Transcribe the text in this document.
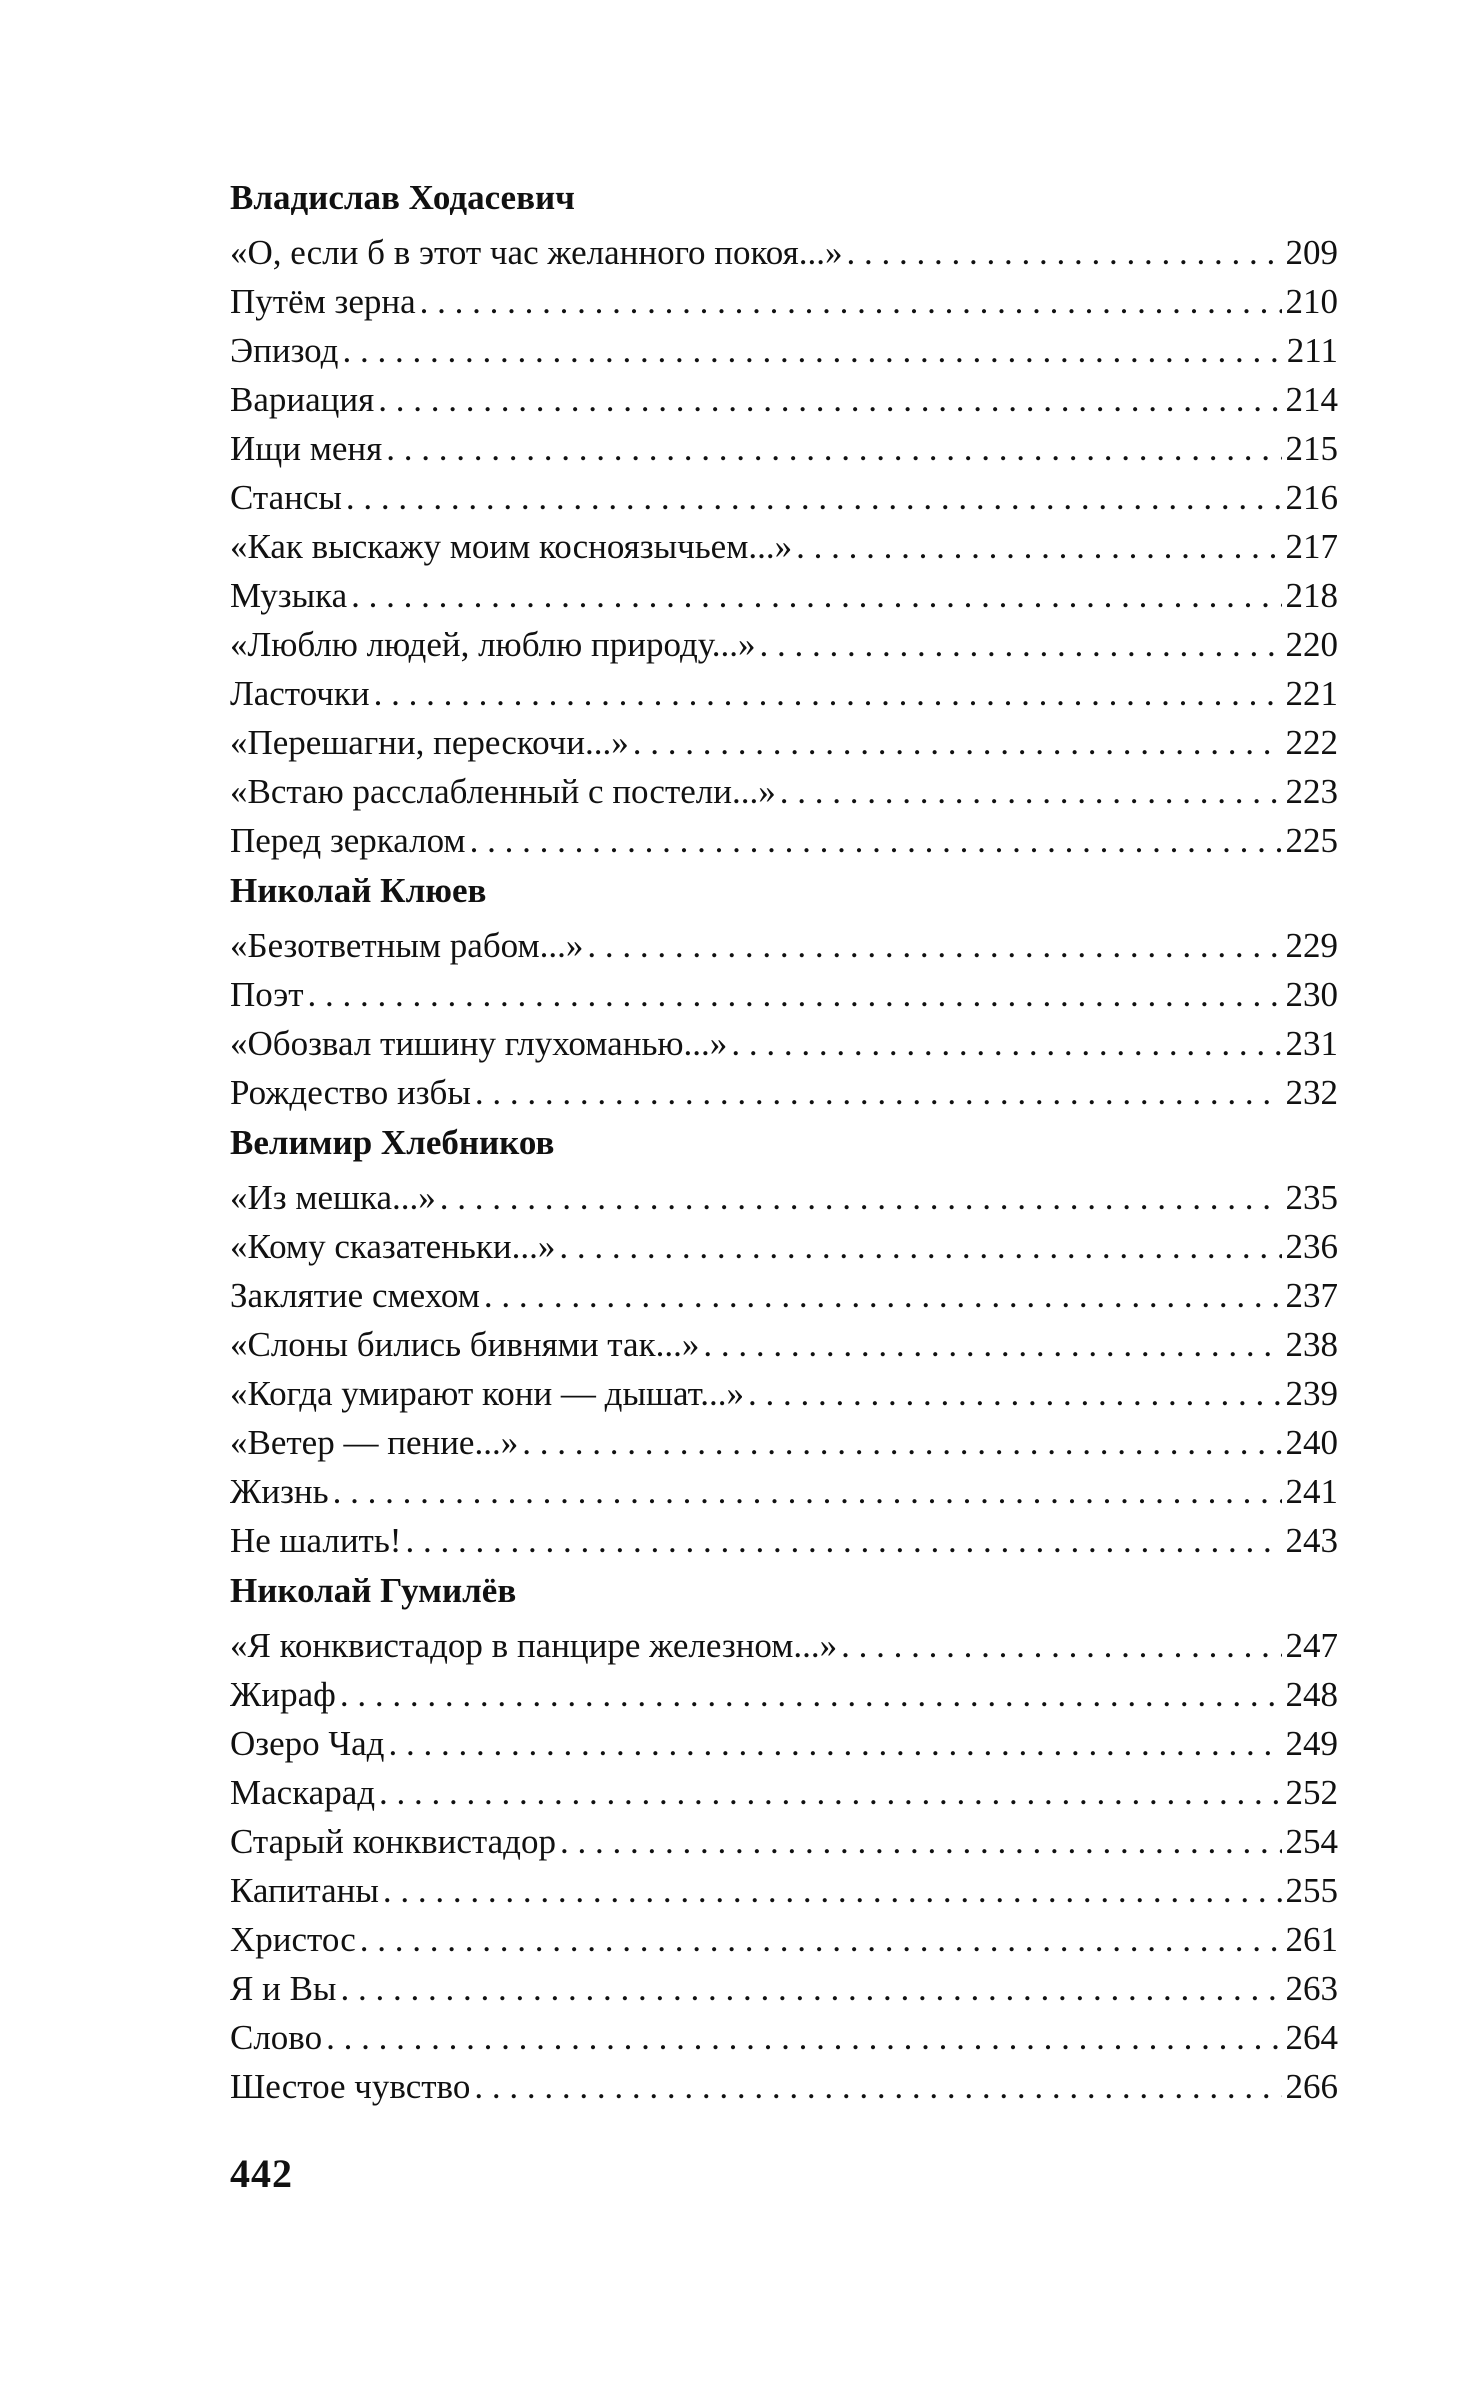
Владислав Ходасевич
«О, если б в этот час желанного покоя...» . . .	209
Путём зерна . . .	210
Эпизод . . .	211
Вариация . . .	214
Ищи меня . . .	215
Стансы . . .	216
«Как выскажу моим косноязычьем...» . . .	217
Музыка . . .	218
«Люблю людей, люблю природу...» . . .	220
Ласточки . . .	221
«Перешагни, перескочи...» . . .	222
«Встаю расслабленный с постели...» . . .	223
Перед зеркалом . . .	225
Николай Клюев
«Безответным рабом...» . . .	229
Поэт . . .	230
«Обозвал тишину глухоманью...» . . .	231
Рождество избы . . .	232
Велимир Хлебников
«Из мешка...» . . .	235
«Кому сказатеньки...» . . .	236
Заклятие смехом . . .	237
«Слоны бились бивнями так...» . . .	238
«Когда умирают кони — дышат...» . . .	239
«Ветер — пение...» . . .	240
Жизнь . . .	241
Не шалить! . . .	243
Николай Гумилёв
«Я конквистадор в панцире железном...» . . .	247
Жираф . . .	248
Озеро Чад . . .	249
Маскарад . . .	252
Старый конквистадор . . .	254
Капитаны . . .	255
Христос . . .	261
Я и Вы . . .	263
Слово . . .	264
Шестое чувство . . .	266
442
